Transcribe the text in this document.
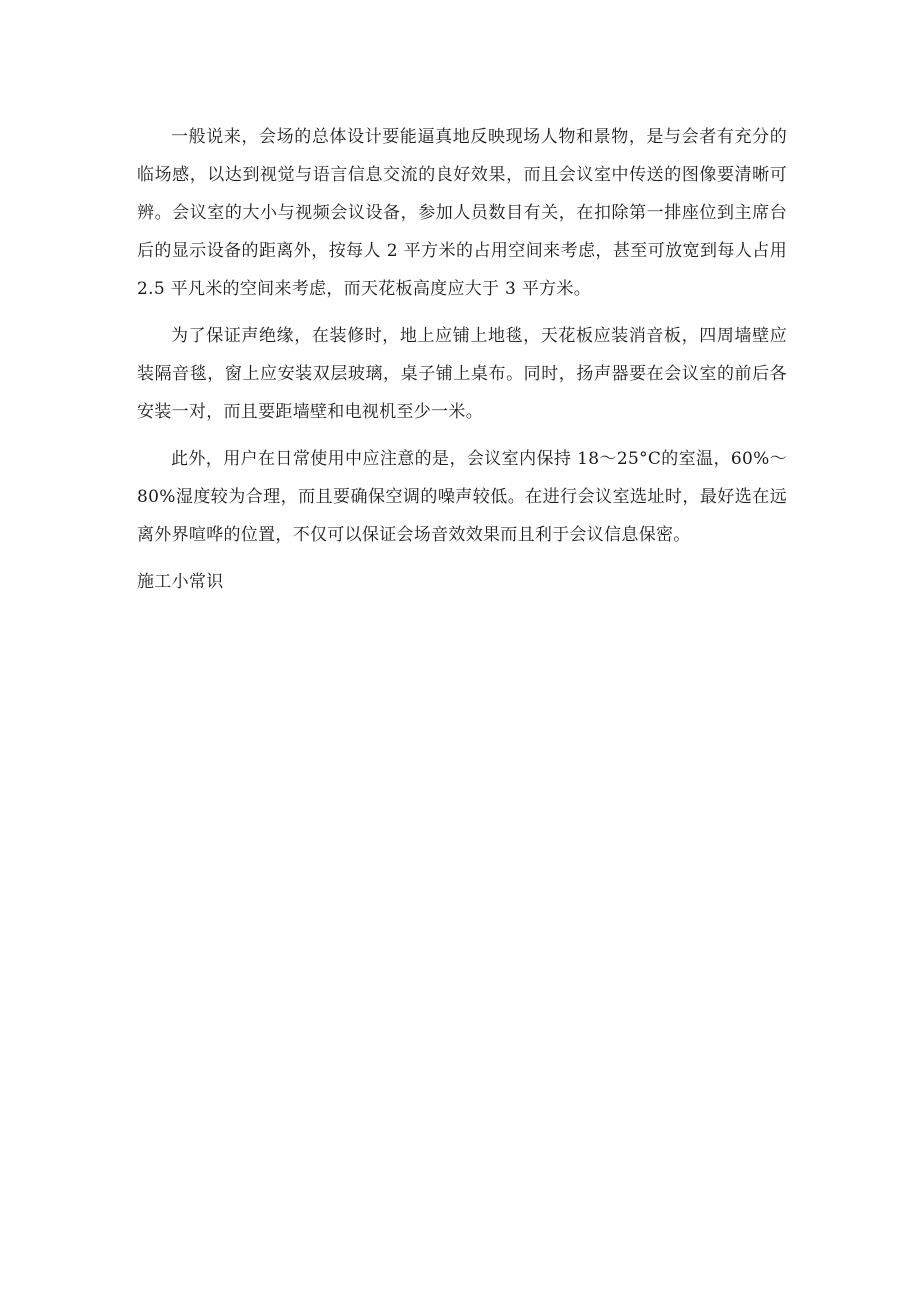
一般说来，会场的总体设计要能逼真地反映现场人物和景物，是与会者有充分的临场感，以达到视觉与语言信息交流的良好效果，而且会议室中传送的图像要清晰可辨。会议室的大小与视频会议设备，参加人员数目有关，在扣除第一排座位到主席台后的显示设备的距离外，按每人 2 平方米的占用空间来考虑，甚至可放宽到每人占用 2.5 平凡米的空间来考虑，而天花板高度应大于 3 平方米。

为了保证声绝缘，在装修时，地上应铺上地毯，天花板应装消音板，四周墙壁应装隔音毯，窗上应安装双层玻璃，桌子铺上桌布。同时，扬声器要在会议室的前后各安装一对，而且要距墙壁和电视机至少一米。

此外，用户在日常使用中应注意的是，会议室内保持 18～25°C的室温，60%～80%湿度较为合理，而且要确保空调的噪声较低。在进行会议室选址时，最好选在远离外界喧哗的位置，不仅可以保证会场音效效果而且利于会议信息保密。

施工小常识
